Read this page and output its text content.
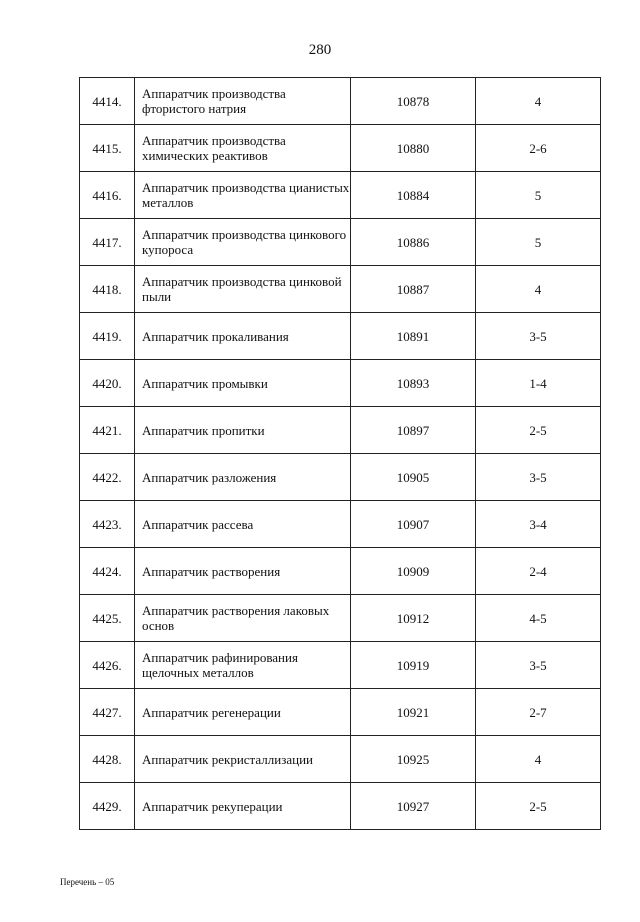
280
4414.	Аппаратчик производства фтористого натрия	10878	4
4415.	Аппаратчик производства химических реактивов	10880	2-6
4416.	Аппаратчик производства цианистых металлов	10884	5
4417.	Аппаратчик производства цинкового купороса	10886	5
4418.	Аппаратчик производства цинковой пыли	10887	4
4419.	Аппаратчик прокаливания	10891	3-5
4420.	Аппаратчик промывки	10893	1-4
4421.	Аппаратчик пропитки	10897	2-5
4422.	Аппаратчик разложения	10905	3-5
4423.	Аппаратчик рассева	10907	3-4
4424.	Аппаратчик растворения	10909	2-4
4425.	Аппаратчик растворения лаковых основ	10912	4-5
4426.	Аппаратчик рафинирования щелочных металлов	10919	3-5
4427.	Аппаратчик регенерации	10921	2-7
4428.	Аппаратчик рекристаллизации	10925	4
4429.	Аппаратчик рекуперации	10927	2-5
Перечень – 05
